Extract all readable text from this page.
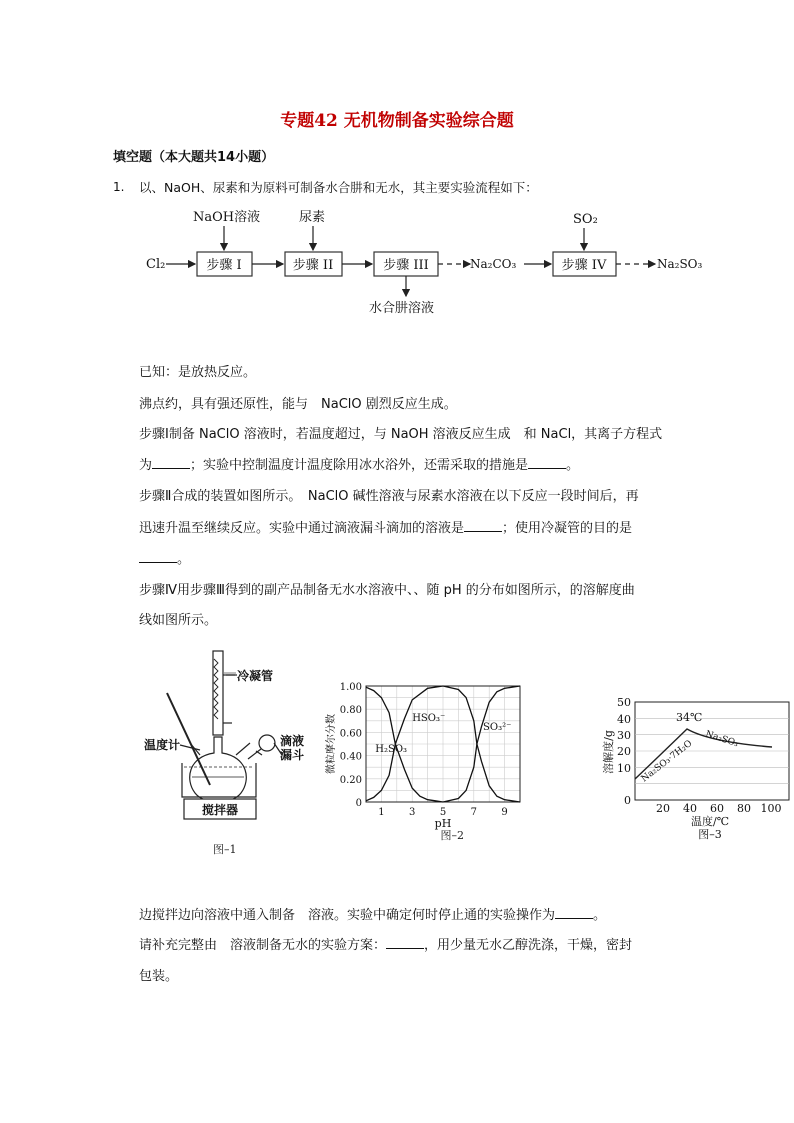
专题42 无机物制备实验综合题
填空题（本大题共14小题）
1. 以、NaOH、尿素和为原料可制备水合肼和无水，其主要实验流程如下：
Cl₂
NaOH溶液	尿素	SO₂
Na₂CO₃	Na₂SO₃
水合肼溶液
步骤 I	步骤 II	步骤 III	步骤 IV
已知：是放热反应。
沸点约，具有强还原性，能与　NaClO 剧烈反应生成。
步骤Ⅰ制备 NaClO 溶液时，若温度超过，与 NaOH 溶液反应生成　和 NaCl，其离子方程式
为	；实验中控制温度计温度除用冰水浴外，还需采取的措施是	。
步骤Ⅱ合成的装置如图所示。　NaClO 碱性溶液与尿素水溶液在以下反应一段时间后，再
迅速升温至继续反应。实验中通过滴液漏斗滴加的溶液是	；使用冷凝管的目的是
。
步骤Ⅳ用步骤Ⅲ得到的副产品制备无水水溶液中、、随 pH 的分布如图所示，的溶解度曲
线如图所示。
冷凝管
温度计	滴液
漏斗
搅拌器
图–1
0
0.20
0.40
0.60
0.80
1.00
1 3 5 7 9
pH
图–2
微粒摩尔分数	H₂SO₃
HSO₃⁻
SO₃²⁻
34℃
Na₂SO₃
Na₂SO₃·7H₂O
50
40
30
20
10
0
20 40 60 80 100
温度/℃
图–3
溶解度/g
边搅拌边向溶液中通入制备　溶液。实验中确定何时停止通的实验操作为	。
请补充完整由　溶液制备无水的实验方案：	，用少量无水乙醇洗涤，干燥，密封
包装。
